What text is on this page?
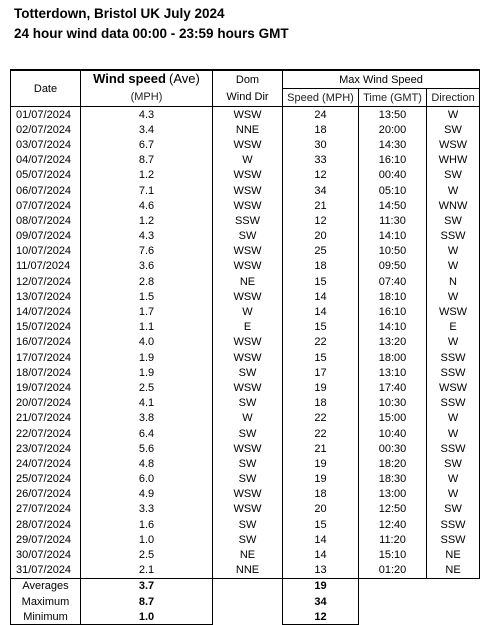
Totterdown, Bristol UK July 2024
24 hour wind data 00:00 - 23:59 hours GMT
Date	Wind speed (Ave)	Dom	Max Wind Speed		
	(MPH)	Wind Dir	Speed (MPH)	Time (GMT)	Direction
01/07/2024	4.3	WSW	24	13:50	W
02/07/2024	3.4	NNE	18	20:00	SW
03/07/2024	6.7	WSW	30	14:30	WSW
04/07/2024	8.7	W	33	16:10	WHW
05/07/2024	1.2	WSW	12	00:40	SW
06/07/2024	7.1	WSW	34	05:10	W
07/07/2024	4.6	WSW	21	14:50	WNW
08/07/2024	1.2	SSW	12	11:30	SW
09/07/2024	4.3	SW	20	14:10	SSW
10/07/2024	7.6	WSW	25	10:50	W
11/07/2024	3.6	WSW	18	09:50	W
12/07/2024	2.8	NE	15	07:40	N
13/07/2024	1.5	WSW	14	18:10	W
14/07/2024	1.7	W	14	16:10	WSW
15/07/2024	1.1	E	15	14:10	E
16/07/2024	4.0	WSW	22	13:20	W
17/07/2024	1.9	WSW	15	18:00	SSW
18/07/2024	1.9	SW	17	13:10	SSW
19/07/2024	2.5	WSW	19	17:40	WSW
20/07/2024	4.1	SW	18	10:30	SSW
21/07/2024	3.8	W	22	15:00	W
22/07/2024	6.4	SW	22	10:40	W
23/07/2024	5.6	WSW	21	00:30	SSW
24/07/2024	4.8	SW	19	18:20	SW
25/07/2024	6.0	SW	19	18:30	W
26/07/2024	4.9	WSW	18	13:00	W
27/07/2024	3.3	WSW	20	12:50	SW
28/07/2024	1.6	SW	15	12:40	SSW
29/07/2024	1.0	SW	14	11:20	SSW
30/07/2024	2.5	NE	14	15:10	NE
31/07/2024	2.1	NNE	13	01:20	NE
Averages	3.7		19		
Maximum	8.7		34		
Minimum	1.0		12		
